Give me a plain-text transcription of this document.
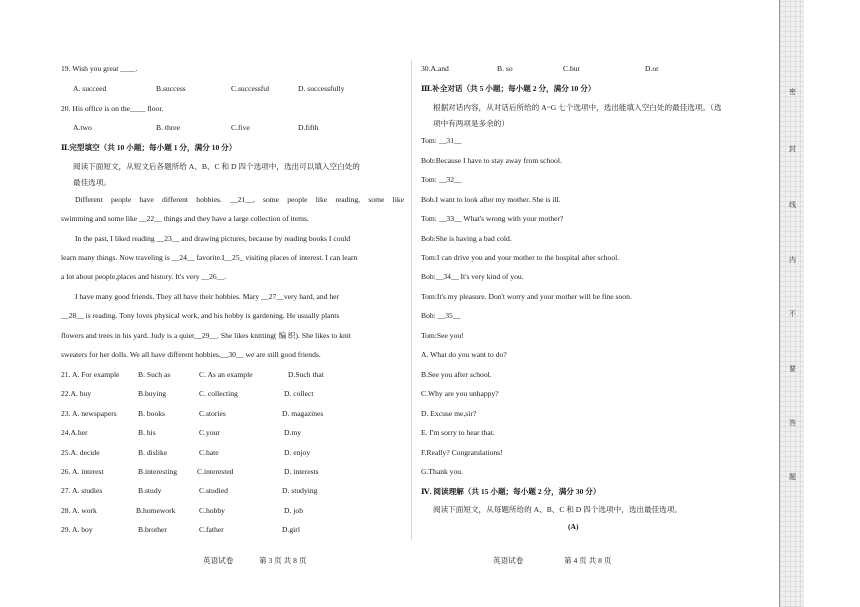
19. Wish you great ____.
A. succeed	B.success	C.successful	D. successfully
20. His office is on the____ floor.
A.two	B. three	C.five	D.fifth
Ⅱ.完型填空（共 10 小题；每小题 1 分，满分 10 分）
阅读下面短文，从短文后各题所给 A、B、C 和 D 四个选项中，选出可以填入空白处的
最佳选项。
Different people have different hobbies. __21__, some people like reading, some like
swimming and some like __22__ things and they have a large collection of items.
In the past, I liked reading __23__ and drawing pictures, because by reading books I could
learn many things. Now traveling is __24__ favorite.I__25_ visiting places of interest. I can learn
a lot about people,places and history. It's very __26__.
I have many good friends. They all have their hobbies. Mary __27__very hard, and her
__28__ is reading. Tony loves physical work, and his hobby is gardening. He usually plants
flowers and trees in his yard. Judy is a quiet__29__. She likes knitting( 编 织). She likes to knit
sweaters for her dolls. We all have different hobbies,__30__ we are still good friends.
21. A. For example B. Such as	C. As an example	D.Such that
22.A. buy	B.buying	C. collecting	D. collect
23. A. newspapers	B. books	C.stories	D. magazines
24.A.her	B. his	C.your	D.my
25.A. decide	B. dislike	C.hate	D. enjoy
26. A. interest	B.interesting	C.interested	D. interests
27. A. studies	B.study	C.studied	D. studying
28. A. work	B.homework	C.hobby	D. job
29. A. boy	B.brother	C.father	D.girl
英语试卷	第 3 页 共 8 页
30.A.and	B. so	C.but	D.or
Ⅲ.补全对话（共 5 小题；每小题 2 分，满分 10 分）
根据对话内容，从对话后所给的 A~G 七个选项中，选出能填入空白处的最佳选项。（选
项中有两项是多余的）
Tom: __31__
Bob:Because I have to stay away from school.
Tom: __32__
Bob.I want to look after my mother. She is ill.
Tom: __33__ What's wrong with your mother?
Bob:She is having a bad cold.
Tom:I can drive you and your mother to the hospital after school.
Bob:__34__ It's very kind of you.
Tom:It's my pleasure. Don't worry and your mother will be fine soon.
Bob: __35__
Tom:See you!
A. What do you want to do?
B.See you after school.
C.Why are you unhappy?
D. Excuse me,sir?
E. I'm sorry to hear that.
F.Really? Congratulations!
G.Thank you.
Ⅳ. 阅读理解（共 15 小题；每小题 2 分，满分 30 分）
阅读下面短文，从每题所给的 A、B、C 和 D 四个选项中，选出最佳选项。
(A)
英语试卷	第 4 页 共 8 页
密
封
线
内
不
要
答
题
